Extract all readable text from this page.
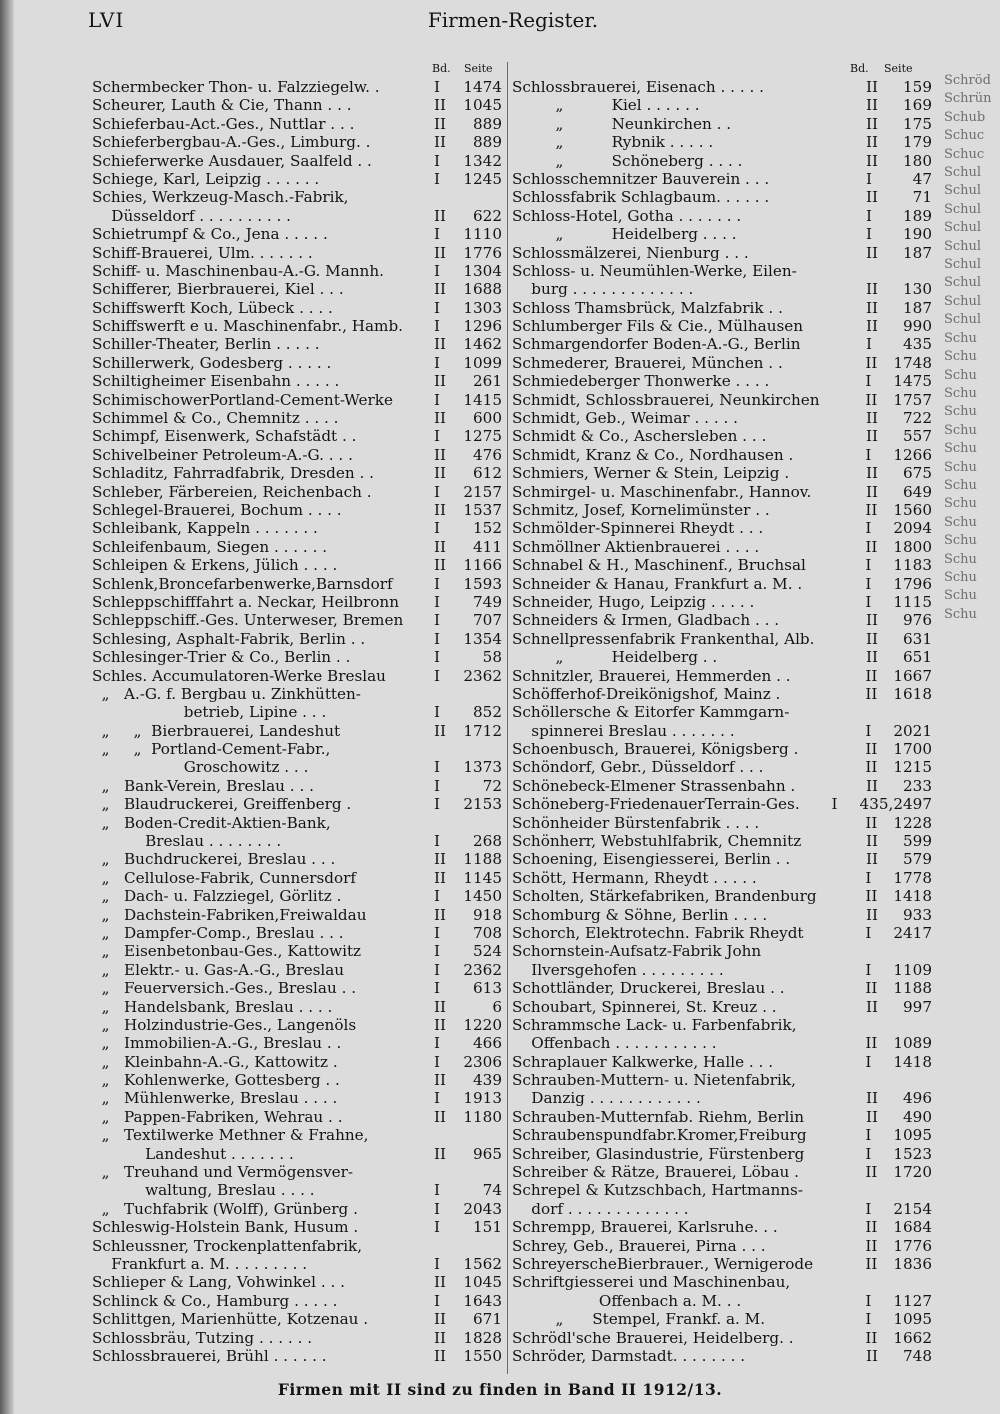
LVI	Firmen-Register.
Bd. Seite
Schermbecker Thon- u. Falzziegelw. .	I	1474
Scheurer, Lauth & Cie, Thann . . .	II	1045
Schieferbau-Act.-Ges., Nuttlar . . .	II	889
Schieferbergbau-A.-Ges., Limburg. .	II	889
Schieferwerke Ausdauer, Saalfeld . .	I	1342
Schiege, Karl, Leipzig . . . . . .	I	1245
Schies, Werkzeug-Masch.-Fabrik,
Düsseldorf . . . . . . . . . .	II	622
Schietrumpf & Co., Jena . . . . .	I	1110
Schiff-Brauerei, Ulm. . . . . . .	II	1776
Schiff- u. Maschinenbau-A.-G. Mannh.	I	1304
Schifferer, Bierbrauerei, Kiel . . .	II	1688
Schiffswerft Koch, Lübeck . . . .	I	1303
Schiffswerft e u. Maschinenfabr., Hamb.	I	1296
Schiller-Theater, Berlin . . . . .	II	1462
Schillerwerk, Godesberg . . . . .	I	1099
Schiltigheimer Eisenbahn . . . . .	II	261
SchimischowerPortland-Cement-Werke	I	1415
Schimmel & Co., Chemnitz . . . .	II	600
Schimpf, Eisenwerk, Schafstädt . .	I	1275
Schivelbeiner Petroleum-A.-G. . . .	II	476
Schladitz, Fahrradfabrik, Dresden . .	II	612
Schleber, Färbereien, Reichenbach .	I	2157
Schlegel-Brauerei, Bochum . . . .	II	1537
Schleibank, Kappeln . . . . . . .	I	152
Schleifenbaum, Siegen . . . . . .	II	411
Schleipen & Erkens, Jülich . . . .	II	1166
Schlenk,Broncefarbenwerke,Barnsdorf	I	1593
Schleppschifffahrt a. Neckar, Heilbronn	I	749
Schleppschiff.-Ges. Unterweser, Bremen	I	707
Schlesing, Asphalt-Fabrik, Berlin . .	I	1354
Schlesinger-Trier & Co., Berlin . .	I	58
Schles. Accumulatoren-Werke Breslau	I	2362
„   A.-G. f. Bergbau u. Zinkhütten-
betrieb, Lipine . . .	I	852
„     „  Bierbrauerei, Landeshut	II	1712
„     „  Portland-Cement-Fabr.,
Groschowitz . . .	I	1373
„   Bank-Verein, Breslau . . .	I	72
„   Blaudruckerei, Greiffenberg .	I	2153
„   Boden-Credit-Aktien-Bank,
Breslau . . . . . . . .	I	268
„   Buchdruckerei, Breslau . . .	II	1188
„   Cellulose-Fabrik, Cunnersdorf	II	1145
„   Dach- u. Falzziegel, Görlitz .	I	1450
„   Dachstein-Fabriken,Freiwaldau	II	918
„   Dampfer-Comp., Breslau . . .	I	708
„   Eisenbetonbau-Ges., Kattowitz	I	524
„   Elektr.- u. Gas-A.-G., Breslau	I	2362
„   Feuerversich.-Ges., Breslau . .	I	613
„   Handelsbank, Breslau . . . .	II	6
„   Holzindustrie-Ges., Langenöls	II	1220
„   Immobilien-A.-G., Breslau . .	I	466
„   Kleinbahn-A.-G., Kattowitz .	I	2306
„   Kohlenwerke, Gottesberg . .	II	439
„   Mühlenwerke, Breslau . . . .	I	1913
„   Pappen-Fabriken, Wehrau . .	II	1180
„   Textilwerke Methner & Frahne,
Landeshut . . . . . . .	II	965
„   Treuhand und Vermögensver-
waltung, Breslau . . . .	I	74
„   Tuchfabrik (Wolff), Grünberg .	I	2043
Schleswig-Holstein Bank, Husum .	I	151
Schleussner, Trockenplattenfabrik,
Frankfurt a. M. . . . . . . . .	I	1562
Schlieper & Lang, Vohwinkel . . .	II	1045
Schlinck & Co., Hamburg . . . . .	I	1643
Schlittgen, Marienhütte, Kotzenau .	II	671
Schlossbräu, Tutzing . . . . . .	II	1828
Schlossbrauerei, Brühl . . . . . .	II	1550
Bd. Seite
Schlossbrauerei, Eisenach . . . . .	II	159
„          Kiel . . . . . .	II	169
„          Neunkirchen . .	II	175
„          Rybnik . . . . .	II	179
„          Schöneberg . . . .	II	180
Schlosschemnitzer Bauverein . . .	I	47
Schlossfabrik Schlagbaum. . . . . .	II	71
Schloss-Hotel, Gotha . . . . . . .	I	189
„          Heidelberg . . . .	I	190
Schlossmälzerei, Nienburg . . .	II	187
Schloss- u. Neumühlen-Werke, Eilen-
burg . . . . . . . . . . . . .	II	130
Schloss Thamsbrück, Malzfabrik . .	II	187
Schlumberger Fils & Cie., Mülhausen	II	990
Schmargendorfer Boden-A.-G., Berlin	I	435
Schmederer, Brauerei, München . .	II	1748
Schmiedeberger Thonwerke . . . .	I	1475
Schmidt, Schlossbrauerei, Neunkirchen	II	1757
Schmidt, Geb., Weimar . . . . .	II	722
Schmidt & Co., Aschersleben . . .	II	557
Schmidt, Kranz & Co., Nordhausen .	I	1266
Schmiers, Werner & Stein, Leipzig .	II	675
Schmirgel- u. Maschinenfabr., Hannov.	II	649
Schmitz, Josef, Kornelimünster . .	II	1560
Schmölder-Spinnerei Rheydt . . .	I	2094
Schmöllner Aktienbrauerei . . . .	II	1800
Schnabel & H., Maschinenf., Bruchsal	I	1183
Schneider & Hanau, Frankfurt a. M. .	I	1796
Schneider, Hugo, Leipzig . . . . .	I	1115
Schneiders & Irmen, Gladbach . . .	II	976
Schnellpressenfabrik Frankenthal, Alb.	II	631
„          Heidelberg . .	II	651
Schnitzler, Brauerei, Hemmerden . .	II	1667
Schöfferhof-Dreikönigshof, Mainz .	II	1618
Schöllersche & Eitorfer Kammgarn-
spinnerei Breslau . . . . . . .	I	2021
Schoenbusch, Brauerei, Königsberg .	II	1700
Schöndorf, Gebr., Düsseldorf . . .	II	1215
Schönebeck-Elmener Strassenbahn .	II	233
Schöneberg-FriedenauerTerrain-Ges.	I	435,2497
Schönheider Bürstenfabrik . . . .	II	1228
Schönherr, Webstuhlfabrik, Chemnitz	II	599
Schoening, Eisengiesserei, Berlin . .	II	579
Schött, Hermann, Rheydt . . . . .	I	1778
Scholten, Stärkefabriken, Brandenburg	II	1418
Schomburg & Söhne, Berlin . . . .	II	933
Schorch, Elektrotechn. Fabrik Rheydt	I	2417
Schornstein-Aufsatz-Fabrik John
Ilversgehofen . . . . . . . . .	I	1109
Schottländer, Druckerei, Breslau . .	II	1188
Schoubart, Spinnerei, St. Kreuz . .	II	997
Schrammsche Lack- u. Farbenfabrik,
Offenbach . . . . . . . . . . .	II	1089
Schraplauer Kalkwerke, Halle . . .	I	1418
Schrauben-Muttern- u. Nietenfabrik,
Danzig . . . . . . . . . . . .	II	496
Schrauben-Mutternfab. Riehm, Berlin	II	490
Schraubenspundfabr.Kromer,Freiburg	I	1095
Schreiber, Glasindustrie, Fürstenberg	I	1523
Schreiber & Rätze, Brauerei, Löbau .	II	1720
Schrepel & Kutzschbach, Hartmanns-
dorf . . . . . . . . . . . . .	I	2154
Schrempp, Brauerei, Karlsruhe. . .	II	1684
Schrey, Geb., Brauerei, Pirna . . .	II	1776
SchreyerscheBierbrauer., Wernigerode	II	1836
Schriftgiesserei und Maschinenbau,
Offenbach a. M. . .	I	1127
„      Stempel, Frankf. a. M.	I	1095
Schrödl'sche Brauerei, Heidelberg. .	II	1662
Schröder, Darmstadt. . . . . . . .	II	748
Schröd Schrün Schub Schuc Schuc Schul Schul Schul Schul Schul Schul Schul Schul Schul Schu Schu Schu Schu Schu Schu Schu Schu Schu Schu Schu Schu Schu Schu Schu Schu
Firmen mit II sind zu finden in Band II 1912/13.
